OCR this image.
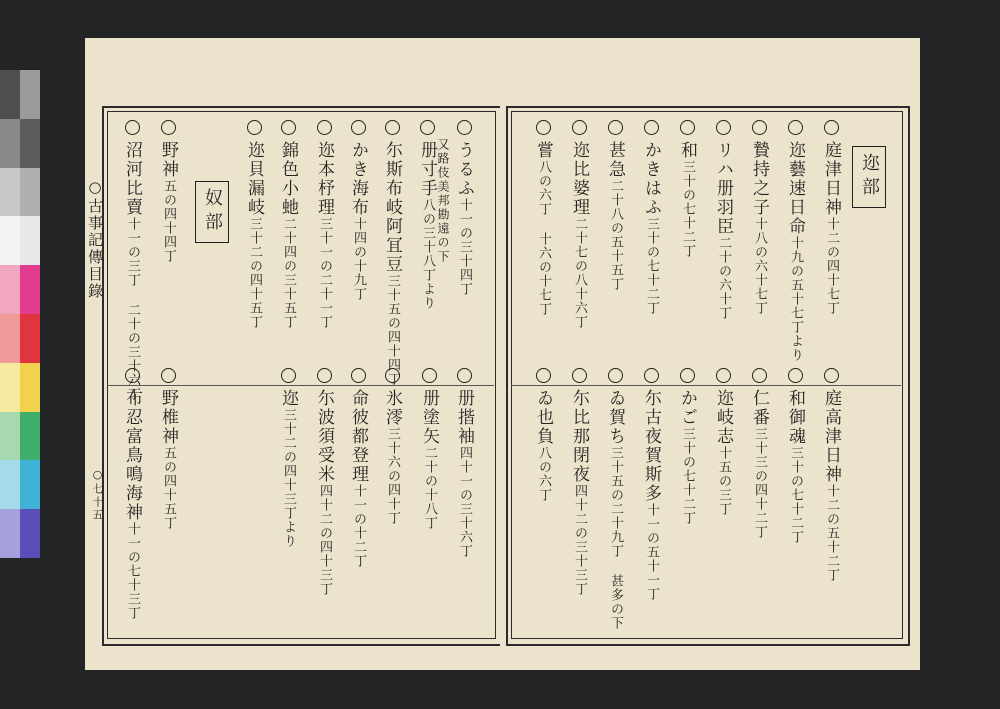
○古事記傳目錄
○七十五
奴部
うるふ十一の三十四丁
又路伎美邦勘遠の下
册寸手八の三十八丁より
尓斯布岐阿冝豆三十五の四十四丁
かき海布十四の十九丁
迩本杼理三十一の二十一丁
錦色小虵二十四の三十五丁
迩貝漏岐三十二の四十五丁
野神五の四十四丁
沼河比賣十一の三丁 二十の三十六丁
册揩袖四十一の三十六丁
册塗矢二十の十八丁
氷澪三十六の四十丁
命彼都登理十一の十二丁
尓波須受米四十二の四十三丁
迩三十二の四十三丁より
野椎神五の四十五丁
布忍富鳥鳴海神十一の七十三丁
迩部
庭津日神十二の四十七丁
迩藝速日命十九の五十七丁より
贄持之子十八の六十七丁
リハ册羽臣二十の六十丁
和三十の七十二丁
かきはふ三十の七十二丁
甚急二十八の五十五丁
迩比婆理二十七の八十六丁
嘗八の六丁 十六の十七丁
庭高津日神十二の五十二丁
和御魂三十の七十二丁
仁番三十三の四十二丁
迩岐志十五の三丁
かご三十の七十二丁
尓古夜賀斯多十一の五十一丁
ゐ賀ち三十五の二十九丁 甚多の下
尓比那閉夜四十二の三十三丁
ゐ也負八の六丁
